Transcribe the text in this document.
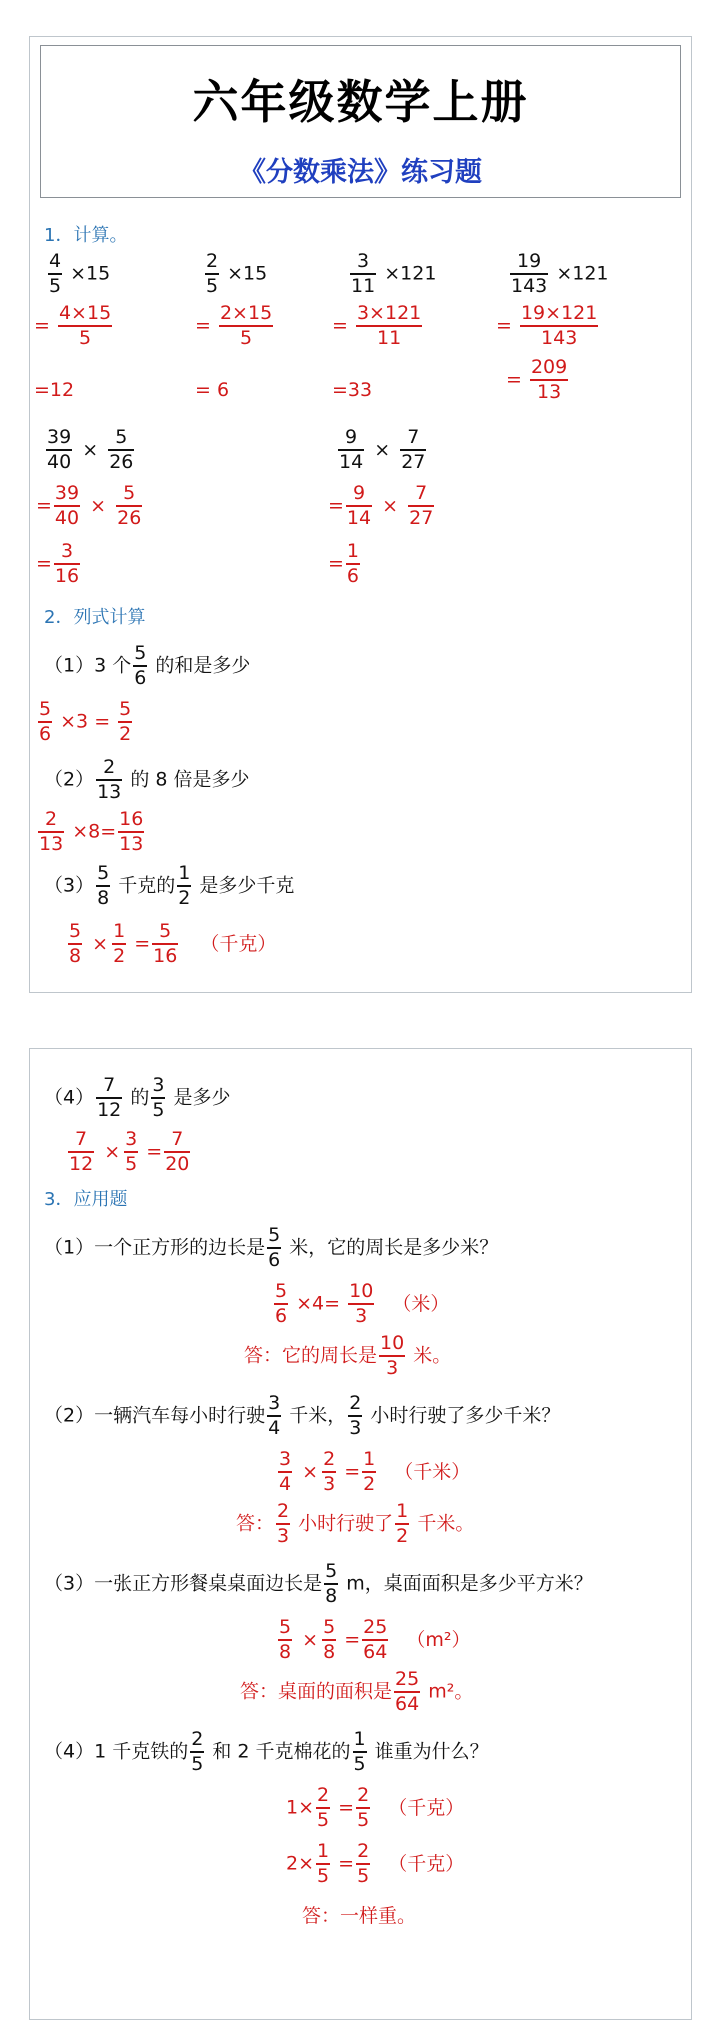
六年级数学上册
《分数乘法》练习题
1．计算。
$\frac{4}{5} \times 15$	$\frac{2}{5} \times 15$	$\frac{3}{11} \times 121$	$\frac{19}{143} \times 121$
= $\frac{4\times 15}{5}$	= $\frac{2\times 15}{5}$	= $\frac{3\times 121}{11}$	= $\frac{19\times 121}{143}$
=12	= 6	=33	= $\frac{209}{13}$
$\frac{39}{40} \times \frac{5}{26}$	$\frac{9}{14} \times \frac{7}{27}$
= $\frac{39}{40} \times \frac{5}{26}$	= $\frac{9}{14} \times \frac{7}{27}$
= $\frac{3}{16}$	= $\frac{1}{6}$
2．列式计算
（1）3 个 $\frac{5}{6}$ 的和是多少
$\frac{5}{6} \times 3 = \frac{5}{2}$
$(2) \frac{2}{13}$ 的 8 倍是多少
$\frac{2}{13} \times 8= \frac{16}{13}$
$(3) \frac{5}{8}$ 千克的 $\frac{1}{2}$ 是多少千克
$\frac{5}{8} \times \frac{1}{2} = \frac{5}{16}$ （千克）
$(4) \frac{7}{12}$ 的 $\frac{3}{5}$ 是多少
$\frac{7}{12} \times \frac{3}{5} = \frac{7}{20}$
3．应用题
（1）一个正方形的边长是 $\frac{5}{6}$ 米，它的周长是多少米？
$\frac{5}{6} \times 4= \frac{10}{3}$ （米）
答：它的周长是 $\frac{10}{3}$ 米。
（2）一辆汽车每小时行驶 $\frac{3}{4}$ 千米， $\frac{2}{3}$ 小时行驶了多少千米？
$\frac{3}{4} \times \frac{2}{3} = \frac{1}{2}$ （千米）
答： $\frac{2}{3}$ 小时行驶了 $\frac{1}{2}$ 千米。
（3）一张正方形餐桌桌面边长是 $\frac{5}{8}$ m，桌面面积是多少平方米？
$\frac{5}{8} \times \frac{5}{8} = \frac{25}{64} (m^2)$
答：桌面的面积是 $\frac{25}{64} m^2$。
（4）1 千克铁的 $\frac{2}{5}$ 和 2 千克棉花的 $\frac{1}{5}$ 谁重为什么？
$1\times \frac{2}{5} = \frac{2}{5}$ （千克）
$2\times \frac{1}{5} = \frac{2}{5}$ （千克）
答：一样重。
